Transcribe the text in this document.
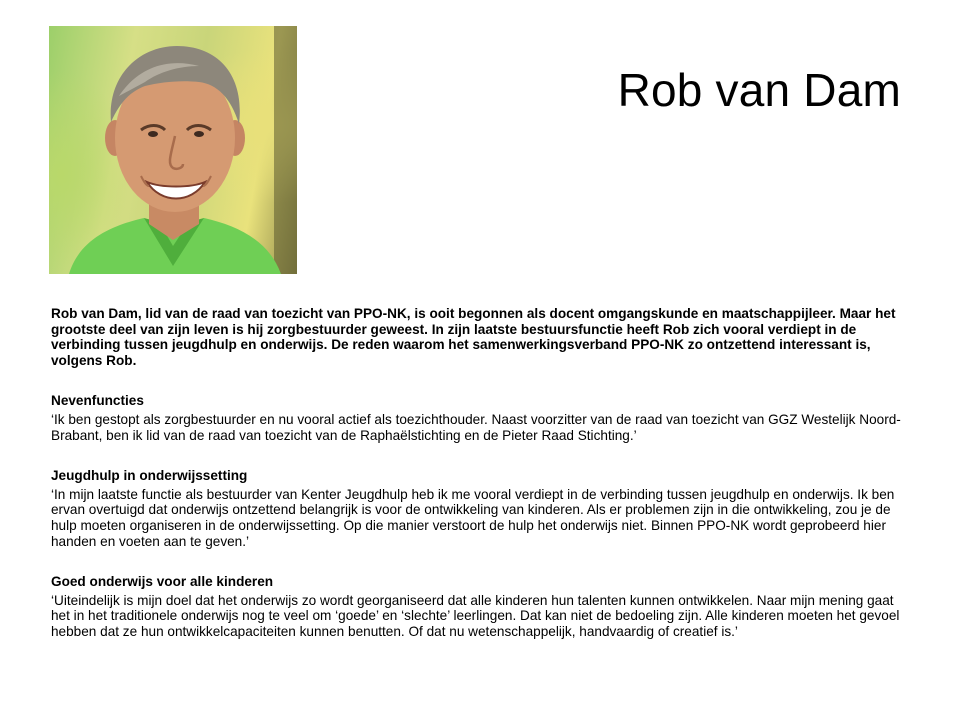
Rob van Dam

Rob van Dam, lid van de raad van toezicht van PPO-NK, is ooit begonnen als docent omgangskunde en maatschappijleer. Maar het grootste deel van zijn leven is hij zorgbestuurder geweest. In zijn laatste bestuursfunctie heeft Rob zich vooral verdiept in de verbinding tussen jeugdhulp en onderwijs. De reden waarom het samenwerkingsverband PPO-NK zo ontzettend interessant is, volgens Rob.

Nevenfuncties

‘Ik ben gestopt als zorgbestuurder en nu vooral actief als toezichthouder. Naast voorzitter van de raad van toezicht van GGZ Westelijk Noord-Brabant, ben ik lid van de raad van toezicht van de Raphaëlstichting en de Pieter Raad Stichting.’

Jeugdhulp in onderwijssetting

‘In mijn laatste functie als bestuurder van Kenter Jeugdhulp heb ik me vooral verdiept in de verbinding tussen jeugdhulp en onderwijs. Ik ben ervan overtuigd dat onderwijs ontzettend belangrijk is voor de ontwikkeling van kinderen. Als er problemen zijn in die ontwikkeling, zou je de hulp moeten organiseren in de onderwijssetting. Op die manier verstoort de hulp het onderwijs niet. Binnen PPO-NK wordt geprobeerd hier handen en voeten aan te geven.’

Goed onderwijs voor alle kinderen

‘Uiteindelijk is mijn doel dat het onderwijs zo wordt georganiseerd dat alle kinderen hun talenten kunnen ontwikkelen. Naar mijn mening gaat het in het traditionele onderwijs nog te veel om ‘goede’ en ‘slechte’ leerlingen. Dat kan niet de bedoeling zijn. Alle kinderen moeten het gevoel hebben dat ze hun ontwikkelcapaciteiten kunnen benutten. Of dat nu wetenschappelijk, handvaardig of creatief is.’
